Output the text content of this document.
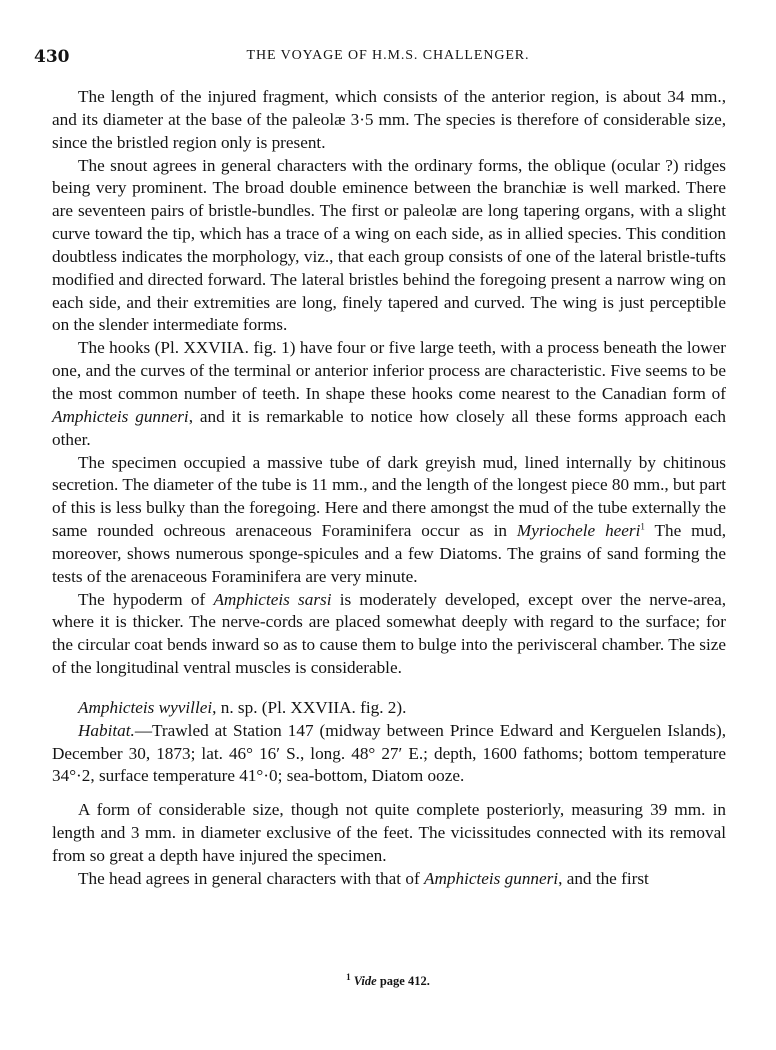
430	THE VOYAGE OF H.M.S. CHALLENGER.

The length of the injured fragment, which consists of the anterior region, is about 34 mm., and its diameter at the base of the paleolæ 3·5 mm. The species is therefore of considerable size, since the bristled region only is present.

The snout agrees in general characters with the ordinary forms, the oblique (ocular ?) ridges being very prominent. The broad double eminence between the branchiæ is well marked. There are seventeen pairs of bristle-bundles. The first or paleolæ are long tapering organs, with a slight curve toward the tip, which has a trace of a wing on each side, as in allied species. This condition doubtless indicates the morphology, viz., that each group consists of one of the lateral bristle-tufts modified and directed forward. The lateral bristles behind the foregoing present a narrow wing on each side, and their extremities are long, finely tapered and curved. The wing is just perceptible on the slender intermediate forms.

The hooks (Pl. XXVIIA. fig. 1) have four or five large teeth, with a process beneath the lower one, and the curves of the terminal or anterior inferior process are characteristic. Five seems to be the most common number of teeth. In shape these hooks come nearest to the Canadian form of Amphicteis gunneri, and it is remarkable to notice how closely all these forms approach each other.

The specimen occupied a massive tube of dark greyish mud, lined internally by chitinous secretion. The diameter of the tube is 11 mm., and the length of the longest piece 80 mm., but part of this is less bulky than the foregoing. Here and there amongst the mud of the tube externally the same rounded ochreous arenaceous Foraminifera occur as in Myriochele heeri$^1$ The mud, moreover, shows numerous sponge-spicules and a few Diatoms. The grains of sand forming the tests of the arenaceous Foraminifera are very minute.

The hypoderm of Amphicteis sarsi is moderately developed, except over the nerve-area, where it is thicker. The nerve-cords are placed somewhat deeply with regard to the surface; for the circular coat bends inward so as to cause them to bulge into the perivisceral chamber. The size of the longitudinal ventral muscles is considerable.

Amphicteis wyvillei, n. sp. (Pl. XXVIIA. fig. 2).

Habitat.—Trawled at Station 147 (midway between Prince Edward and Kerguelen Islands), December 30, 1873; lat. 46° 16′ S., long. 48° 27′ E.; depth, 1600 fathoms; bottom temperature 34°·2, surface temperature 41°·0; sea-bottom, Diatom ooze.

A form of considerable size, though not quite complete posteriorly, measuring 39 mm. in length and 3 mm. in diameter exclusive of the feet. The vicissitudes connected with its removal from so great a depth have injured the specimen.

The head agrees in general characters with that of Amphicteis gunneri, and the first

$^1$ Vide page 412.
